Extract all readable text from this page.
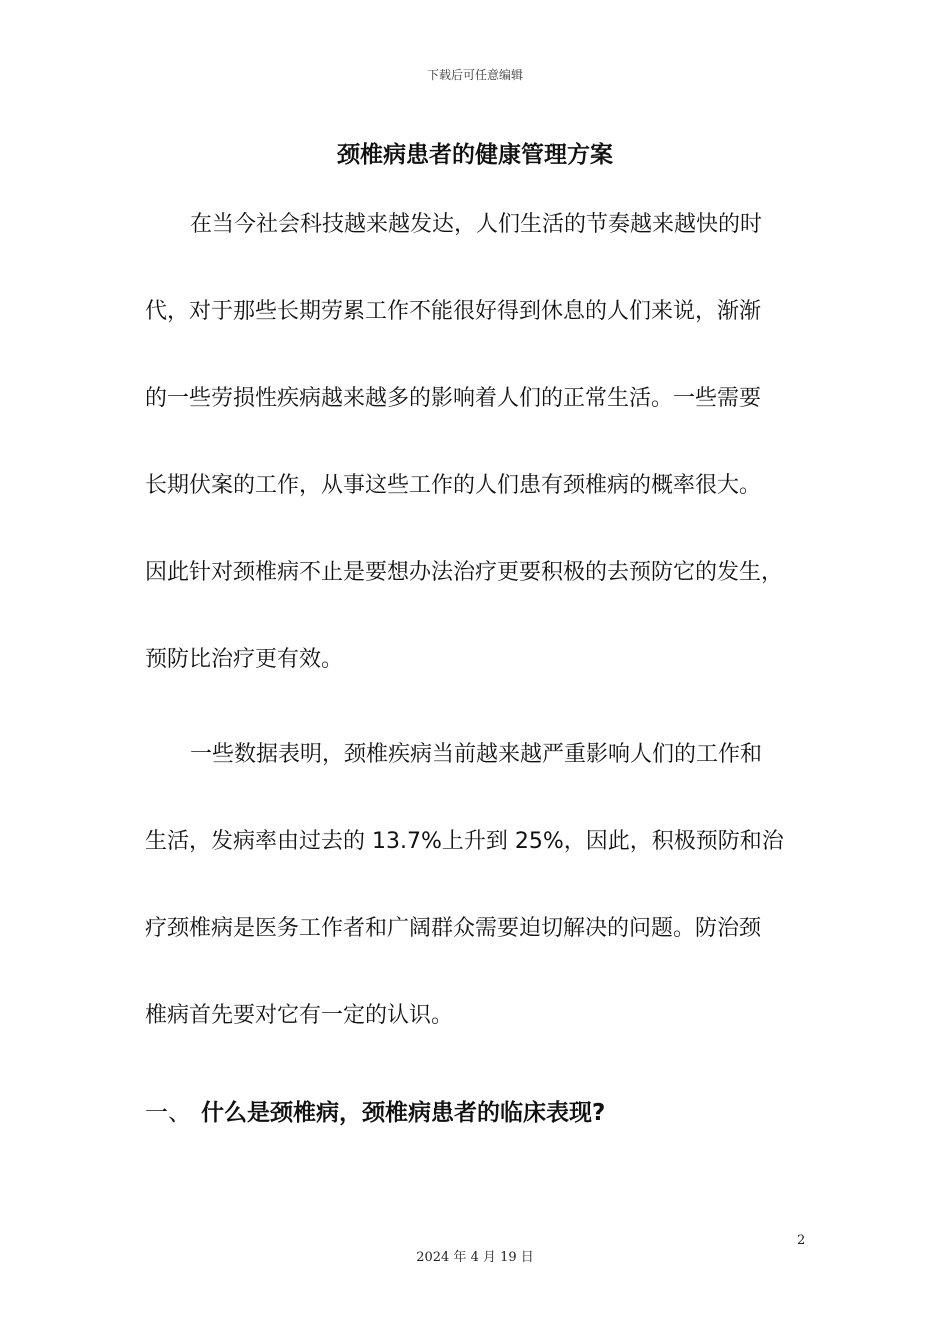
下载后可任意编辑
颈椎病患者的健康管理方案
在当今社会科技越来越发达，人们生活的节奏越来越快的时
代，对于那些长期劳累工作不能很好得到休息的人们来说，渐渐
的一些劳损性疾病越来越多的影响着人们的正常生活。一些需要
长期伏案的工作，从事这些工作的人们患有颈椎病的概率很大。
因此针对颈椎病不止是要想办法治疗更要积极的去预防它的发生，
预防比治疗更有效。
一些数据表明，颈椎疾病当前越来越严重影响人们的工作和
生活，发病率由过去的 13.7%上升到 25%，因此，积极预防和治
疗颈椎病是医务工作者和广阔群众需要迫切解决的问题。防治颈
椎病首先要对它有一定的认识。
一、 什么是颈椎病，颈椎病患者的临床表现?
2
2024 年 4 月 19 日
